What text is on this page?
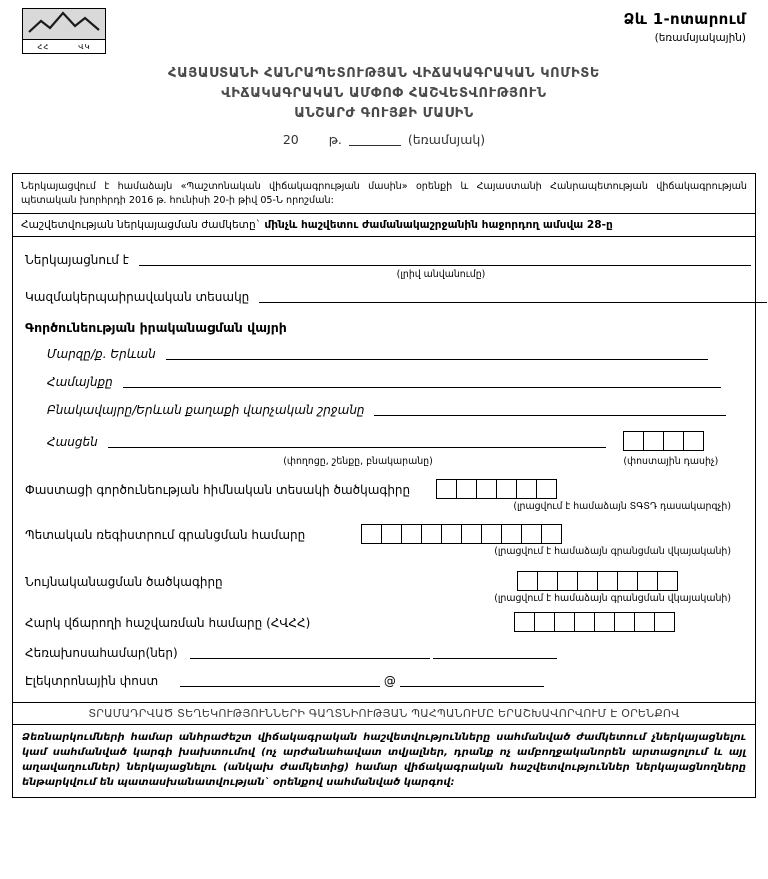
ՀՀ	ՎԿ
Ձև 1-ոտարում
(եռամսյակային)
ՀԱՅԱՍՏԱՆԻ ՀԱՆՐԱՊԵՏՈՒԹՅԱՆ ՎԻՃԱԿԱԳՐԱԿԱՆ ԿՈՄԻՏԵ
ՎԻՃԱԿԱԳՐԱԿԱՆ ԱՄՓՈՓ ՀԱՇՎԵՏՎՈՒԹՅՈՒՆ
ԱՆՇԱՐԺ ԳՈՒՅՔԻ ՄԱՍԻՆ
20 թ.	(եռամսյակ)
Ներկայացվում է համաձայն «Պաշտոնական վիճակագրության մասին» օրենքի և Հայաստանի Հանրապետության վիճակագրության պետական խորհրդի 2016 թ. հունիսի 20-ի թիվ 05-Ն որոշման:
Հաշվետվության ներկայացման ժամկետը` մինչև հաշվետու ժամանակաշրջանին հաջորդող ամսվա 28-ը
Ներկայացնում է
(լրիվ անվանումը)
Կազմակերպաիրավական տեսակը
Գործունեության իրականացման վայրի
Մարզը/ք. Երևան
Համայնքը
Բնակավայրը/Երևան քաղաքի վարչական շրջանը
Հասցեն
(փողոցը, շենքը, բնակարանը)	(փոստային դասիչ)
Փաստացի գործունեության հիմնական տեսակի ծածկագիրը
(լրացվում է համաձայն ՏԳՏԴ դասակարգչի)
Պետական ռեգիստրում գրանցման համարը
(լրացվում է համաձայն գրանցման վկայականի)
Նույնականացման ծածկագիրը
(լրացվում է համաձայն գրանցման վկայականի)
Հարկ վճարողի հաշվառման համարը (ՀՎՀՀ)
Հեռախոսահամար(ներ)
Էլեկտրոնային փոստ	@
ՏՐԱՄԱԴՐՎԱԾ ՏԵՂԵԿՈՒԹՅՈՒՆՆԵՐԻ ԳԱՂՏՆԻՈՒԹՅԱՆ ՊԱՀՊԱՆՈՒՄԸ ԵՐԱՇԽԱՎՈՐՎՈՒՄ Է ՕՐԵՆՔՈՎ
Ձեռնարկումների համար անհրաժեշտ վիճակագրական հաշվետվությունները սահմանված ժամկետում չներկայացնելու կամ սահմանված կարգի խախտումով (ոչ արժանահավատ տվյալներ, դրանք ոչ ամբողջականորեն արտացոլում և այլ աղավաղումներ) ներկայացնելու (անկախ ժամկետից) համար վիճակագրական հաշվետվություններ ներկայացնողները ենթարկվում են պատասխանատվության` օրենքով սահմանված կարգով:
